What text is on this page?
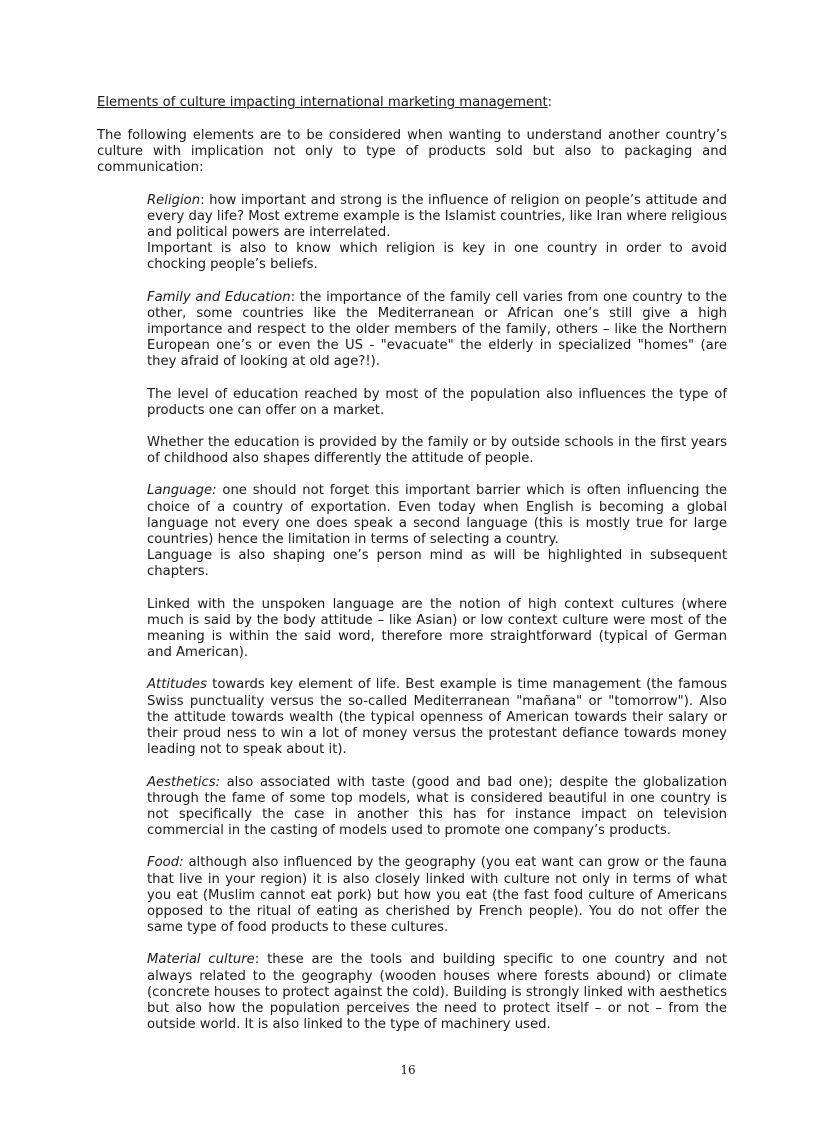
Elements of culture impacting international marketing management:

The following elements are to be considered when wanting to understand another country’s culture with implication not only to type of products sold but also to packaging and communication:

Religion: how important and strong is the influence of religion on people’s attitude and every day life? Most extreme example is the Islamist countries, like Iran where religious and political powers are interrelated.

Important is also to know which religion is key in one country in order to avoid chocking people’s beliefs.

Family and Education: the importance of the family cell varies from one country to the other, some countries like the Mediterranean or African one’s still give a high importance and respect to the older members of the family, others – like the Northern European one’s or even the US - "evacuate" the elderly in specialized "homes" (are they afraid of looking at old age?!).

The level of education reached by most of the population also influences the type of products one can offer on a market.

Whether the education is provided by the family or by outside schools in the first years of childhood also shapes differently the attitude of people.

Language: one should not forget this important barrier which is often influencing the choice of a country of exportation. Even today when English is becoming a global language not every one does speak a second language (this is mostly true for large countries) hence the limitation in terms of selecting a country.

Language is also shaping one’s person mind as will be highlighted in subsequent chapters.

Linked with the unspoken language are the notion of high context cultures (where much is said by the body attitude – like Asian) or low context culture were most of the meaning is within the said word, therefore more straightforward (typical of German and American).

Attitudes towards key element of life. Best example is time management (the famous Swiss punctuality versus the so-called Mediterranean "mañana" or "tomorrow"). Also the attitude towards wealth (the typical openness of American towards their salary or their proud ness to win a lot of money versus the protestant defiance towards money leading not to speak about it).

Aesthetics: also associated with taste (good and bad one); despite the globalization through the fame of some top models, what is considered beautiful in one country is not specifically the case in another this has for instance impact on television commercial in the casting of models used to promote one company’s products.

Food: although also influenced by the geography (you eat want can grow or the fauna that live in your region) it is also closely linked with culture not only in terms of what you eat (Muslim cannot eat pork) but how you eat (the fast food culture of Americans opposed to the ritual of eating as cherished by French people). You do not offer the same type of food products to these cultures.

Material culture: these are the tools and building specific to one country and not always related to the geography (wooden houses where forests abound) or climate (concrete houses to protect against the cold). Building is strongly linked with aesthetics but also how the population perceives the need to protect itself – or not – from the outside world. It is also linked to the type of machinery used.

16
